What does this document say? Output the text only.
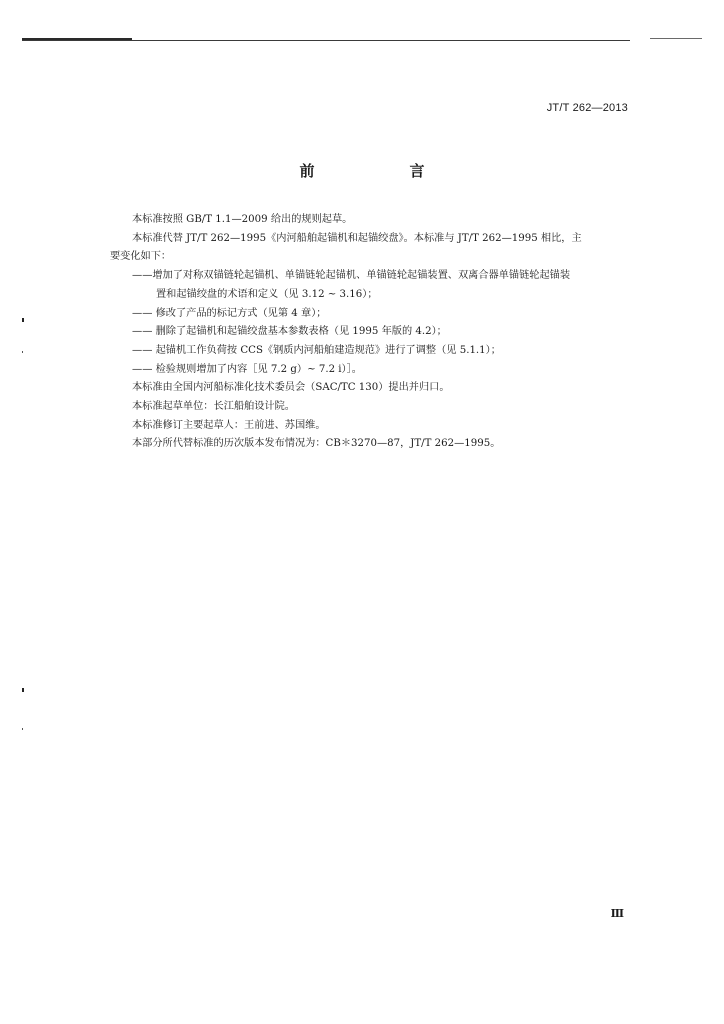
JT/T 262—2013
前　言

本标准按照 GB/T 1.1—2009 给出的规则起草。

本标准代替 JT/T 262—1995《内河船舶起锚机和起锚绞盘》。本标准与 JT/T 262—1995 相比，主

要变化如下：

——增加了对称双锚链轮起锚机、单锚链轮起锚机、单锚链轮起锚装置、双离合器单锚链轮起锚装

置和起锚绞盘的术语和定义（见 3.12 ~ 3.16）；

—— 修改了产品的标记方式（见第 4 章）；

—— 删除了起锚机和起锚绞盘基本参数表格（见 1995 年版的 4.2）；

—— 起锚机工作负荷按 CCS《钢质内河船舶建造规范》进行了调整（见 5.1.1）；

—— 检验规则增加了内容［见 7.2 g）~ 7.2 i）］。

本标准由全国内河船标准化技术委员会（SAC/TC 130）提出并归口。

本标准起草单位：长江船舶设计院。

本标准修订主要起草人：王前进、苏国维。

本部分所代替标准的历次版本发布情况为：CB＊3270—87，JT/T 262—1995。

Ⅲ
